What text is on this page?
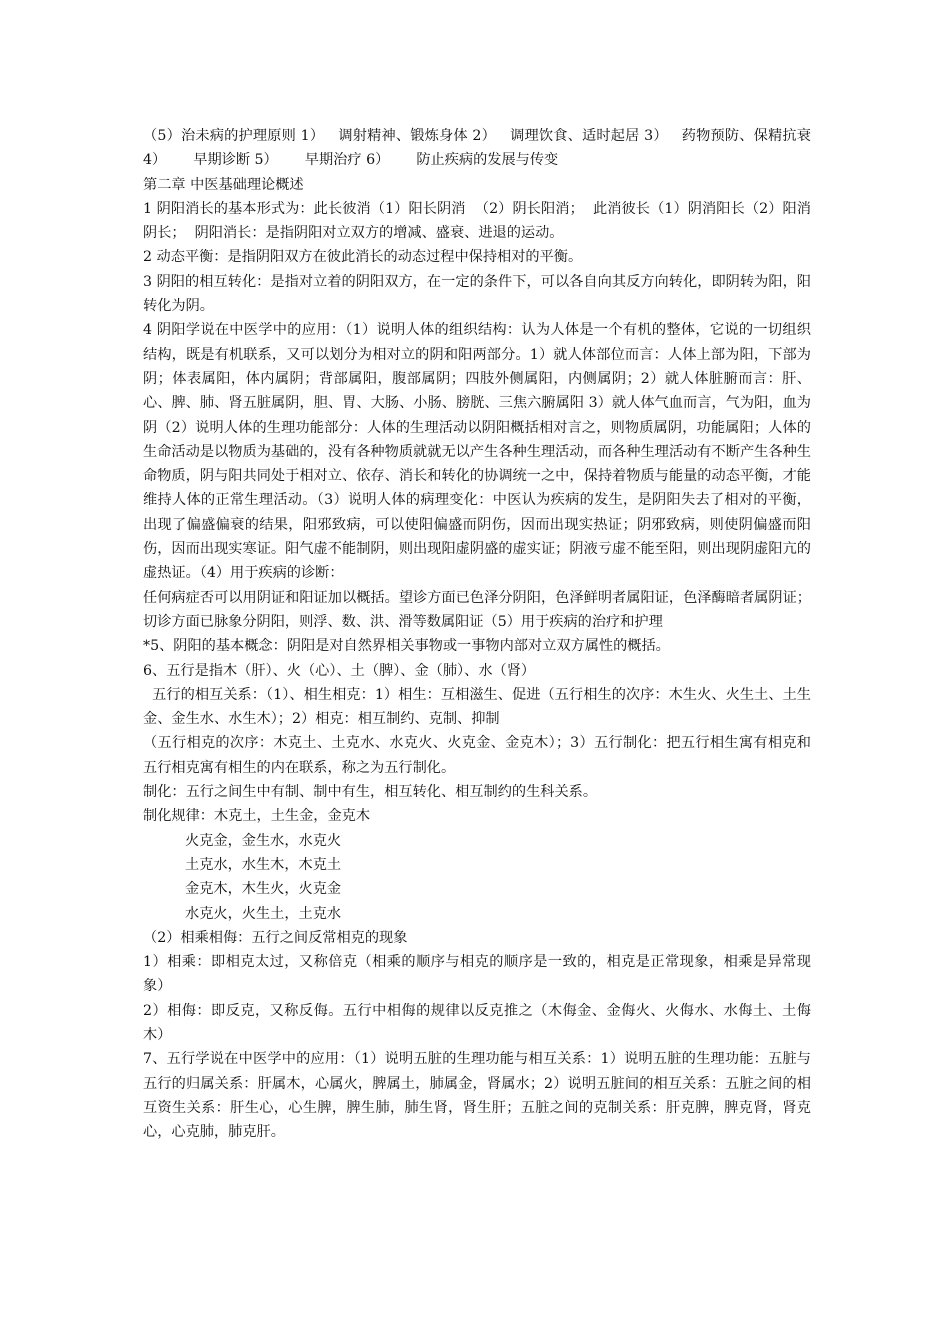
（5）治未病的护理原则 1）   调射精神、锻炼身体 2）   调理饮食、适时起居 3）   药物预防、保精抗衰 4）      早期诊断 5）      早期治疗 6）      防止疾病的发展与传变

第二章 中医基础理论概述

1 阴阳消长的基本形式为：此长彼消（1）阳长阴消  （2）阴长阳消；  此消彼长（1）阴消阳长（2）阳消阴长；  阴阳消长：是指阴阳对立双方的增减、盛衰、进退的运动。

2 动态平衡：是指阴阳双方在彼此消长的动态过程中保持相对的平衡。

3 阴阳的相互转化：是指对立着的阴阳双方，在一定的条件下，可以各自向其反方向转化，即阴转为阳，阳转化为阴。

4 阴阳学说在中医学中的应用：（1）说明人体的组织结构：认为人体是一个有机的整体，它说的一切组织结构，既是有机联系，又可以划分为相对立的阴和阳两部分。1）就人体部位而言：人体上部为阳，下部为阴；体表属阳，体内属阴；背部属阳，腹部属阴；四肢外侧属阳，内侧属阴；2）就人体脏腑而言：肝、心、脾、肺、肾五脏属阴，胆、胃、大肠、小肠、膀胱、三焦六腑属阳 3）就人体气血而言，气为阳，血为阴（2）说明人体的生理功能部分：人体的生理活动以阴阳概括相对言之，则物质属阴，功能属阳；人体的生命活动是以物质为基础的，没有各种物质就就无以产生各种生理活动，而各种生理活动有不断产生各种生命物质，阴与阳共同处于相对立、依存、消长和转化的协调统一之中，保持着物质与能量的动态平衡，才能维持人体的正常生理活动。（3）说明人体的病理变化：中医认为疾病的发生，是阴阳失去了相对的平衡，出现了偏盛偏衰的结果，阳邪致病，可以使阳偏盛而阴伤，因而出现实热证；阴邪致病，则使阴偏盛而阳伤，因而出现实寒证。阳气虚不能制阴，则出现阳虚阴盛的虚实证；阴液亏虚不能至阳，则出现阴虚阳亢的虚热证。（4）用于疾病的诊断：

任何病症否可以用阴证和阳证加以概括。望诊方面已色泽分阴阳，色泽鲜明者属阳证，色泽酶暗者属阴证；切诊方面已脉象分阴阳，则浮、数、洪、滑等数属阳证（5）用于疾病的治疗和护理

*5、阴阳的基本概念：阴阳是对自然界相关事物或一事物内部对立双方属性的概括。

6、五行是指木（肝）、火（心）、土（脾）、金（肺）、水（肾）

五行的相互关系：（1）、相生相克：1）相生：互相滋生、促进（五行相生的次序：木生火、火生土、土生金、金生水、水生木）；2）相克：相互制约、克制、抑制

（五行相克的次序：木克土、土克水、水克火、火克金、金克木）；3）五行制化：把五行相生寓有相克和五行相克寓有相生的内在联系，称之为五行制化。

制化：五行之间生中有制、制中有生，相互转化、相互制约的生科关系。

制化规律：木克土，土生金，金克木

火克金，金生水，水克火

土克水，水生木，木克土

金克木，木生火，火克金

水克火，火生土，土克水

（2）相乘相侮：五行之间反常相克的现象

1）相乘：即相克太过，又称倍克（相乘的顺序与相克的顺序是一致的，相克是正常现象，相乘是异常现象）

2）相侮：即反克，又称反侮。五行中相侮的规律以反克推之（木侮金、金侮火、火侮水、水侮土、土侮木）

7、五行学说在中医学中的应用：（1）说明五脏的生理功能与相互关系：1）说明五脏的生理功能：五脏与五行的归属关系：肝属木，心属火，脾属土，肺属金，肾属水；2）说明五脏间的相互关系：五脏之间的相互资生关系：肝生心，心生脾，脾生肺，肺生肾，肾生肝；五脏之间的克制关系：肝克脾，脾克肾，肾克心，心克肺，肺克肝。
